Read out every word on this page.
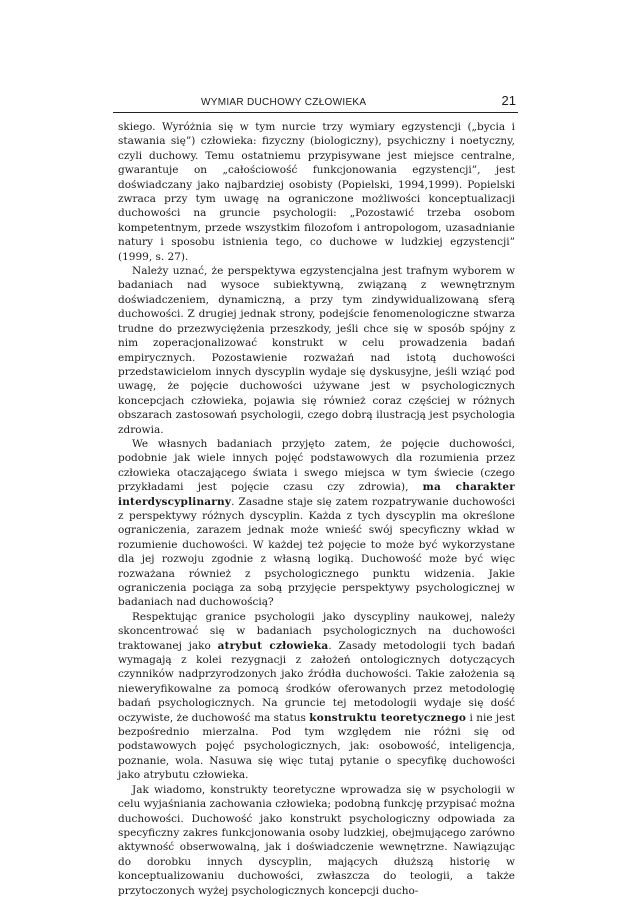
WYMIAR DUCHOWY CZŁOWIEKA	21

skiego. Wyróżnia się w tym nurcie trzy wymiary egzystencji („bycia i stawania się”) człowieka: fizyczny (biologiczny), psychiczny i noetyczny, czyli duchowy. Temu ostatniemu przypisywane jest miejsce centralne, gwarantuje on „całościowość funkcjonowania egzystencji”, jest doświadczany jako najbardziej osobisty (Popielski, 1994,1999). Popielski zwraca przy tym uwagę na ograniczone możliwości konceptualizacji duchowości na gruncie psychologii: „Pozostawić trzeba osobom kompetentnym, przede wszystkim filozofom i antropologom, uzasadnianie natury i sposobu istnienia tego, co duchowe w ludzkiej egzystencji” (1999, s. 27).

Należy uznać, że perspektywa egzystencjalna jest trafnym wyborem w badaniach nad wysoce subiektywną, związaną z wewnętrznym doświadczeniem, dynamiczną, a przy tym zindywidualizowaną sferą duchowości. Z drugiej jednak strony, podejście fenomenologiczne stwarza trudne do przezwyciężenia przeszkody, jeśli chce się w sposób spójny z nim zoperacjonalizować konstrukt w celu prowadzenia badań empirycznych. Pozostawienie rozważań nad istotą duchowości przedstawicielom innych dyscyplin wydaje się dyskusyjne, jeśli wziąć pod uwagę, że pojęcie duchowości używane jest w psychologicznych koncepcjach człowieka, pojawia się również coraz częściej w różnych obszarach zastosowań psychologii, czego dobrą ilustracją jest psychologia zdrowia.

We własnych badaniach przyjęto zatem, że pojęcie duchowości, podobnie jak wiele innych pojęć podstawowych dla rozumienia przez człowieka otaczającego świata i swego miejsca w tym świecie (czego przykładami jest pojęcie czasu czy zdrowia), ma charakter interdyscyplinarny. Zasadne staje się zatem rozpatrywanie duchowości z perspektywy różnych dyscyplin. Każda z tych dyscyplin ma określone ograniczenia, zarazem jednak może wnieść swój specyficzny wkład w rozumienie duchowości. W każdej też pojęcie to może być wykorzystane dla jej rozwoju zgodnie z własną logiką. Duchowość może być więc rozważana również z psychologicznego punktu widzenia. Jakie ograniczenia pociąga za sobą przyjęcie perspektywy psychologicznej w badaniach nad duchowością?

Respektując granice psychologii jako dyscypliny naukowej, należy skoncentrować się w badaniach psychologicznych na duchowości traktowanej jako atrybut człowieka. Zasady metodologii tych badań wymagają z kolei rezygnacji z założeń ontologicznych dotyczących czynników nadprzyrodzonych jako źródła duchowości. Takie założenia są nieweryfikowalne za pomocą środków oferowanych przez metodologię badań psychologicznych. Na gruncie tej metodologii wydaje się dość oczywiste, że duchowość ma status konstruktu teoretycznego i nie jest bezpośrednio mierzalna. Pod tym względem nie różni się od podstawowych pojęć psychologicznych, jak: osobowość, inteligencja, poznanie, wola. Nasuwa się więc tutaj pytanie o specyfikę duchowości jako atrybutu człowieka.

Jak wiadomo, konstrukty teoretyczne wprowadza się w psychologii w celu wyjaśniania zachowania człowieka; podobną funkcję przypisać można duchowości. Duchowość jako konstrukt psychologiczny odpowiada za specyficzny zakres funkcjonowania osoby ludzkiej, obejmującego zarówno aktywność obserwowalną, jak i doświadczenie wewnętrzne. Nawiązując do dorobku innych dyscyplin, mających dłuższą historię w konceptualizowaniu duchowości, zwłaszcza do teologii, a także przytoczonych wyżej psychologicznych koncepcji ducho-
